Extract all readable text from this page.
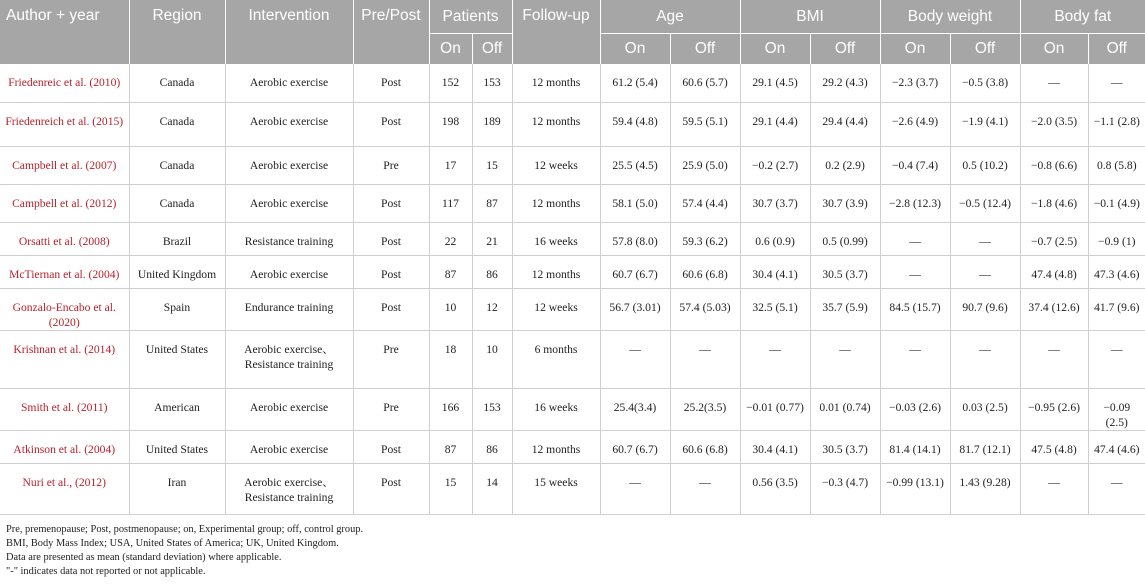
Author + year	Region	Intervention	Pre/Post	Patients		Follow-up	Age		BMI		Body weight		Body fat	
				On	Off		On	Off	On	Off	On	Off	On	Off
Friedenreic et al. (2010)	Canada	Aerobic exercise	Post	152	153	12 months	61.2 (5.4)	60.6 (5.7)	29.1 (4.5)	29.2 (4.3)	−2.3 (3.7)	−0.5 (3.8)	—	—
Friedenreich et al. (2015)	Canada	Aerobic exercise	Post	198	189	12 months	59.4 (4.8)	59.5 (5.1)	29.1 (4.4)	29.4 (4.4)	−2.6 (4.9)	−1.9 (4.1)	−2.0 (3.5)	−1.1 (2.8)
Campbell et al. (2007)	Canada	Aerobic exercise	Pre	17	15	12 weeks	25.5 (4.5)	25.9 (5.0)	−0.2 (2.7)	0.2 (2.9)	−0.4 (7.4)	0.5 (10.2)	−0.8 (6.6)	0.8 (5.8)
Campbell et al. (2012)	Canada	Aerobic exercise	Post	117	87	12 months	58.1 (5.0)	57.4 (4.4)	30.7 (3.7)	30.7 (3.9)	−2.8 (12.3)	−0.5 (12.4)	−1.8 (4.6)	−0.1 (4.9)
Orsatti et al. (2008)	Brazil	Resistance training	Post	22	21	16 weeks	57.8 (8.0)	59.3 (6.2)	0.6 (0.9)	0.5 (0.99)	—	—	−0.7 (2.5)	−0.9 (1)
McTiernan et al. (2004)	United Kingdom	Aerobic exercise	Post	87	86	12 months	60.7 (6.7)	60.6 (6.8)	30.4 (4.1)	30.5 (3.7)	—	—	47.4 (4.8)	47.3 (4.6)
Gonzalo-Encabo et al. (2020)	Spain	Endurance training	Post	10	12	12 weeks	56.7 (3.01)	57.4 (5.03)	32.5 (5.1)	35.7 (5.9)	84.5 (15.7)	90.7 (9.6)	37.4 (12.6)	41.7 (9.6)
Krishnan et al. (2014)	United States	Aerobic exercise、Resistance training	Pre	18	10	6 months	—	—	—	—	—	—	—	—
Smith et al. (2011)	American	Aerobic exercise	Pre	166	153	16 weeks	25.4(3.4)	25.2(3.5)	−0.01 (0.77)	0.01 (0.74)	−0.03 (2.6)	0.03 (2.5)	−0.95 (2.6)	−0.09 (2.5)
Atkinson et al. (2004)	United States	Aerobic exercise	Post	87	86	12 months	60.7 (6.7)	60.6 (6.8)	30.4 (4.1)	30.5 (3.7)	81.4 (14.1)	81.7 (12.1)	47.5 (4.8)	47.4 (4.6)
Nuri et al., (2012)	Iran	Aerobic exercise、Resistance training	Post	15	14	15 weeks	—	—	0.56 (3.5)	−0.3 (4.7)	−0.99 (13.1)	1.43 (9.28)	—	—
Pre, premenopause; Post, postmenopause; on, Experimental group; off, control group.
BMI, Body Mass Index; USA, United States of America; UK, United Kingdom.
Data are presented as mean (standard deviation) where applicable.
"-" indicates data not reported or not applicable.
